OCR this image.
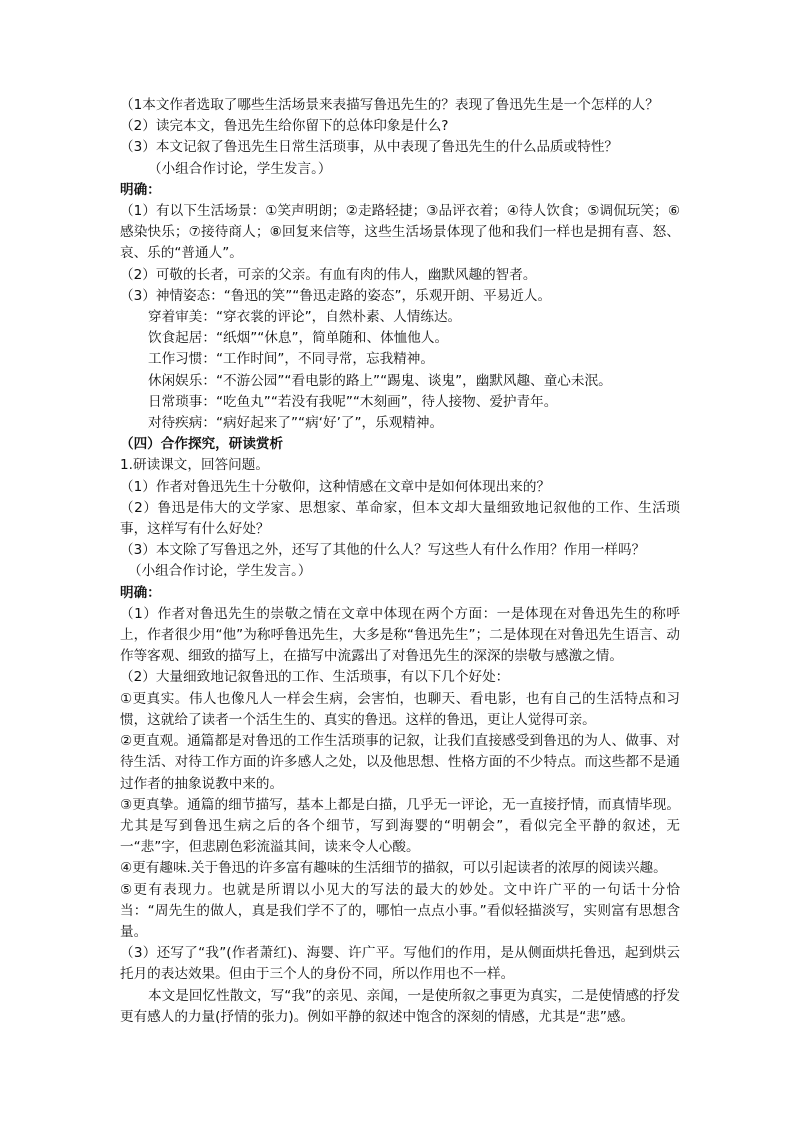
（1本文作者选取了哪些生活场景来表描写鲁迅先生的？表现了鲁迅先生是一个怎样的人？
（2）读完本文，鲁迅先生给你留下的总体印象是什么?
（3）本文记叙了鲁迅先生日常生活琐事，从中表现了鲁迅先生的什么品质或特性？
（小组合作讨论，学生发言。）
明确：
（1）有以下生活场景：①笑声明朗；②走路轻捷；③品评衣着；④待人饮食；⑤调侃玩笑；⑥感染快乐；⑦接待商人；⑧回复来信等，这些生活场景体现了他和我们一样也是拥有喜、怒、哀、乐的“普通人”。
（2）可敬的长者，可亲的父亲。有血有肉的伟人，幽默风趣的智者。
（3）神情姿态：“鲁迅的笑”“鲁迅走路的姿态”，乐观开朗、平易近人。
穿着审美：“穿衣裳的评论”，自然朴素、人情练达。
饮食起居：“纸烟”“休息”，简单随和、体恤他人。
工作习惯：“工作时间”，不同寻常，忘我精神。
休闲娱乐：“不游公园”“看电影的路上”“踢鬼、谈鬼”，幽默风趣、童心未泯。
日常琐事：“吃鱼丸”“若没有我呢”“木刻画”，待人接物、爱护青年。
对待疾病：“病好起来了”“病‘好’了”，乐观精神。
（四）合作探究，研读赏析
1.研读课文，回答问题。
（1）作者对鲁迅先生十分敬仰，这种情感在文章中是如何体现出来的？
（2）鲁迅是伟大的文学家、思想家、革命家，但本文却大量细致地记叙他的工作、生活琐事，这样写有什么好处？
（3）本文除了写鲁迅之外，还写了其他的什么人？写这些人有什么作用？作用一样吗？
（小组合作讨论，学生发言。）
明确：
（1）作者对鲁迅先生的崇敬之情在文章中体现在两个方面：一是体现在对鲁迅先生的称呼上，作者很少用“他”为称呼鲁迅先生，大多是称“鲁迅先生”；二是体现在对鲁迅先生语言、动作等客观、细致的描写上，在描写中流露出了对鲁迅先生的深深的崇敬与感激之情。
（2）大量细致地记叙鲁迅的工作、生活琐事，有以下几个好处：
①更真实。伟人也像凡人一样会生病，会害怕，也聊天、看电影，也有自己的生活特点和习惯，这就给了读者一个活生生的、真实的鲁迅。这样的鲁迅，更让人觉得可亲。
②更直观。通篇都是对鲁迅的工作生活琐事的记叙，让我们直接感受到鲁迅的为人、做事、对待生活、对待工作方面的许多感人之处，以及他思想、性格方面的不少特点。而这些都不是通过作者的抽象说教中来的。
③更真挚。通篇的细节描写，基本上都是白描，几乎无一评论，无一直接抒情，而真情毕现。尤其是写到鲁迅生病之后的各个细节，写到海婴的“明朝会”，看似完全平静的叙述，无一“悲”字，但悲剧色彩流溢其间，读来令人心酸。
④更有趣味.关于鲁迅的许多富有趣味的生活细节的描叙，可以引起读者的浓厚的阅读兴趣。
⑤更有表现力。也就是所谓以小见大的写法的最大的妙处。文中许广平的一句话十分恰当：“周先生的做人，真是我们学不了的，哪怕一点点小事。”看似轻描淡写，实则富有思想含量。
（3）还写了“我”(作者萧红)、海婴、许广平。写他们的作用，是从侧面烘托鲁迅，起到烘云托月的表达效果。但由于三个人的身份不同，所以作用也不一样。
本文是回忆性散文，写“我”的亲见、亲闻，一是使所叙之事更为真实，二是使情感的抒发更有感人的力量(抒情的张力)。例如平静的叙述中饱含的深刻的情感，尤其是“悲”感。
